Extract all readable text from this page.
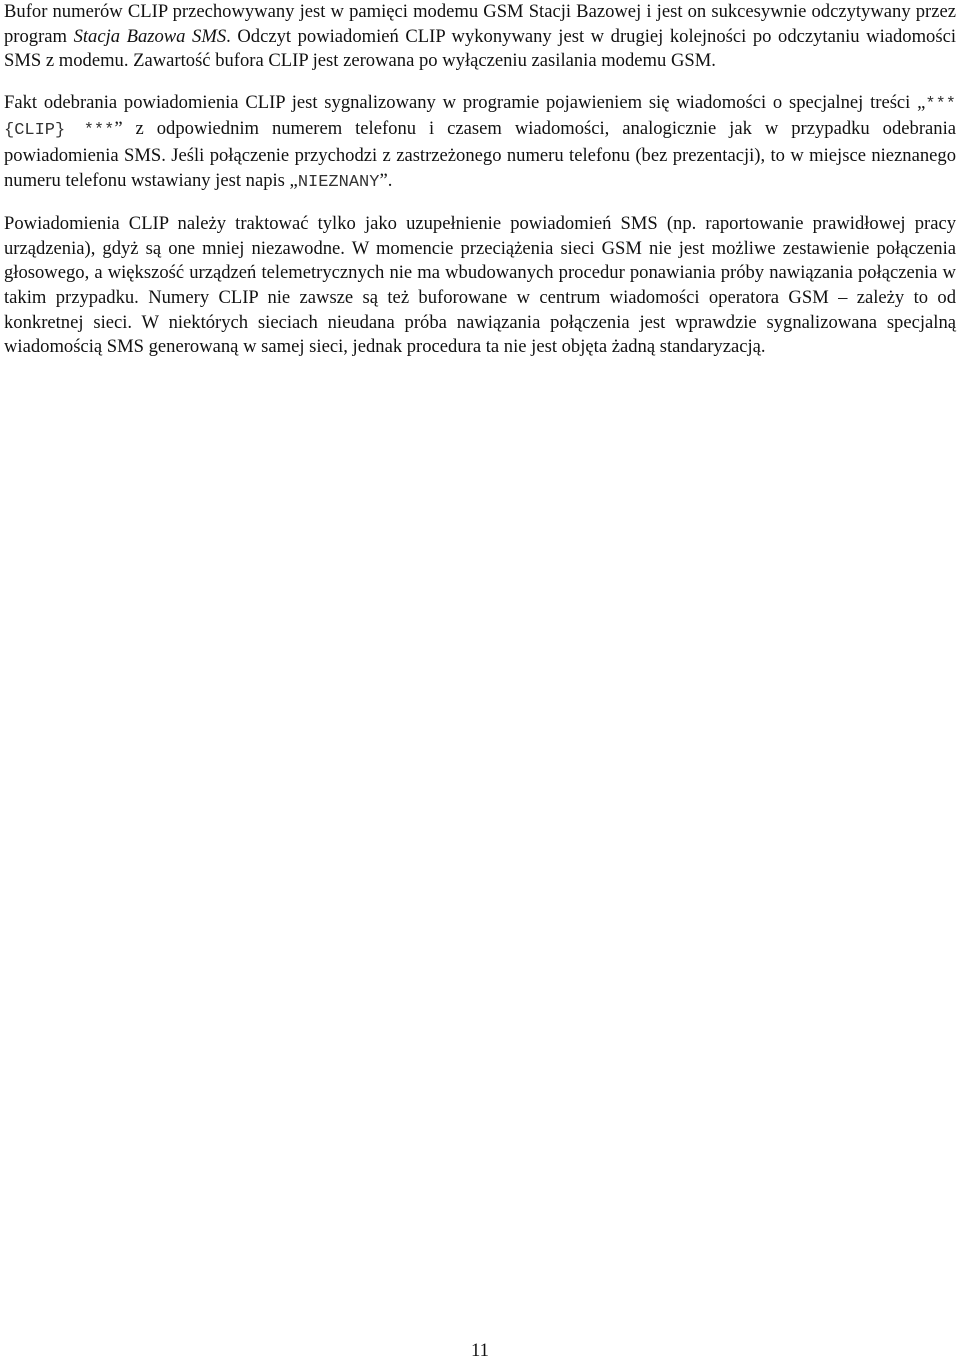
Bufor numerów CLIP przechowywany jest w pamięci modemu GSM Stacji Bazowej i jest on sukcesywnie odczytywany przez program Stacja Bazowa SMS. Odczyt powiadomień CLIP wykonywany jest w drugiej kolejności po odczytaniu wiadomości SMS z modemu. Zawartość bufora CLIP jest zerowana po wyłączeniu zasilania modemu GSM.

Fakt odebrania powiadomienia CLIP jest sygnalizowany w programie pojawieniem się wiadomości o specjalnej treści „*** {CLIP} ***” z odpowiednim numerem telefonu i czasem wiadomości, analogicznie jak w przypadku odebrania powiadomienia SMS. Jeśli połączenie przychodzi z zastrzeżonego numeru telefonu (bez prezentacji), to w miejsce nieznanego numeru telefonu wstawiany jest napis „NIEZNANY”.

Powiadomienia CLIP należy traktować tylko jako uzupełnienie powiadomień SMS (np. raportowanie prawidłowej pracy urządzenia), gdyż są one mniej niezawodne. W momencie przeciążenia sieci GSM nie jest możliwe zestawienie połączenia głosowego, a większość urządzeń telemetrycznych nie ma wbudowanych procedur ponawiania próby nawiązania połączenia w takim przypadku. Numery CLIP nie zawsze są też buforowane w centrum wiadomości operatora GSM – zależy to od konkretnej sieci. W niektórych sieciach nieudana próba nawiązania połączenia jest wprawdzie sygnalizowana specjalną wiadomością SMS generowaną w samej sieci, jednak procedura ta nie jest objęta żadną standaryzacją.

11
